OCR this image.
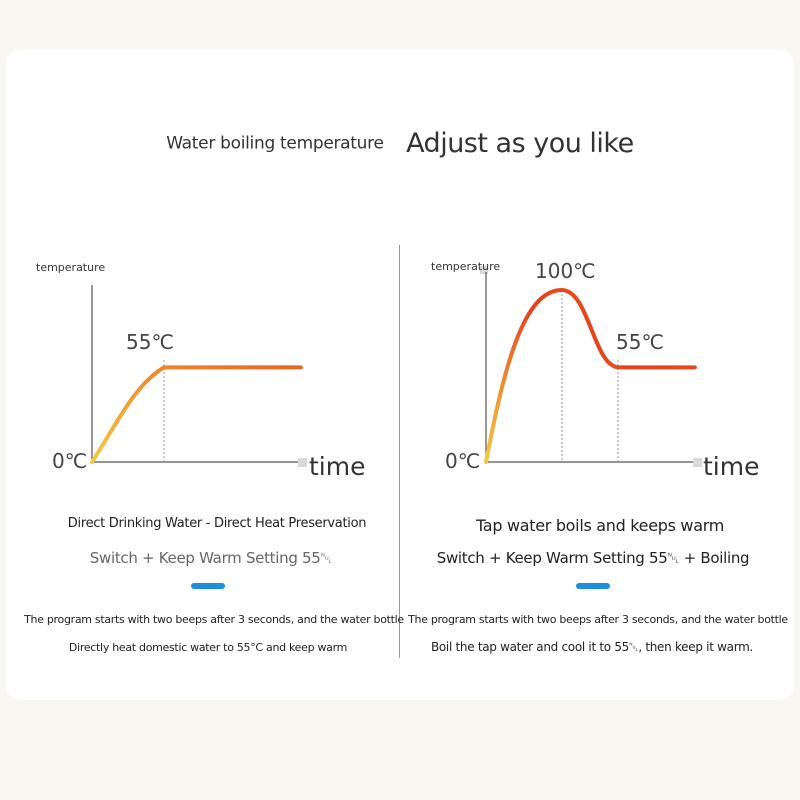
Water boiling temperature Adjust as you like
temperature
0℃
55℃
time
temperature
0℃
100℃
55℃
time
Direct Drinking Water - Direct Heat Preservation
Switch + Keep Warm Setting 55␀
The program starts with two beeps after 3 seconds, and the water bottle
Directly heat domestic water to 55°C and keep warm
Tap water boils and keeps warm
Switch + Keep Warm Setting 55␀ + Boiling
The program starts with two beeps after 3 seconds, and the water bottle
Boil the tap water and cool it to 55␀, then keep it warm.
